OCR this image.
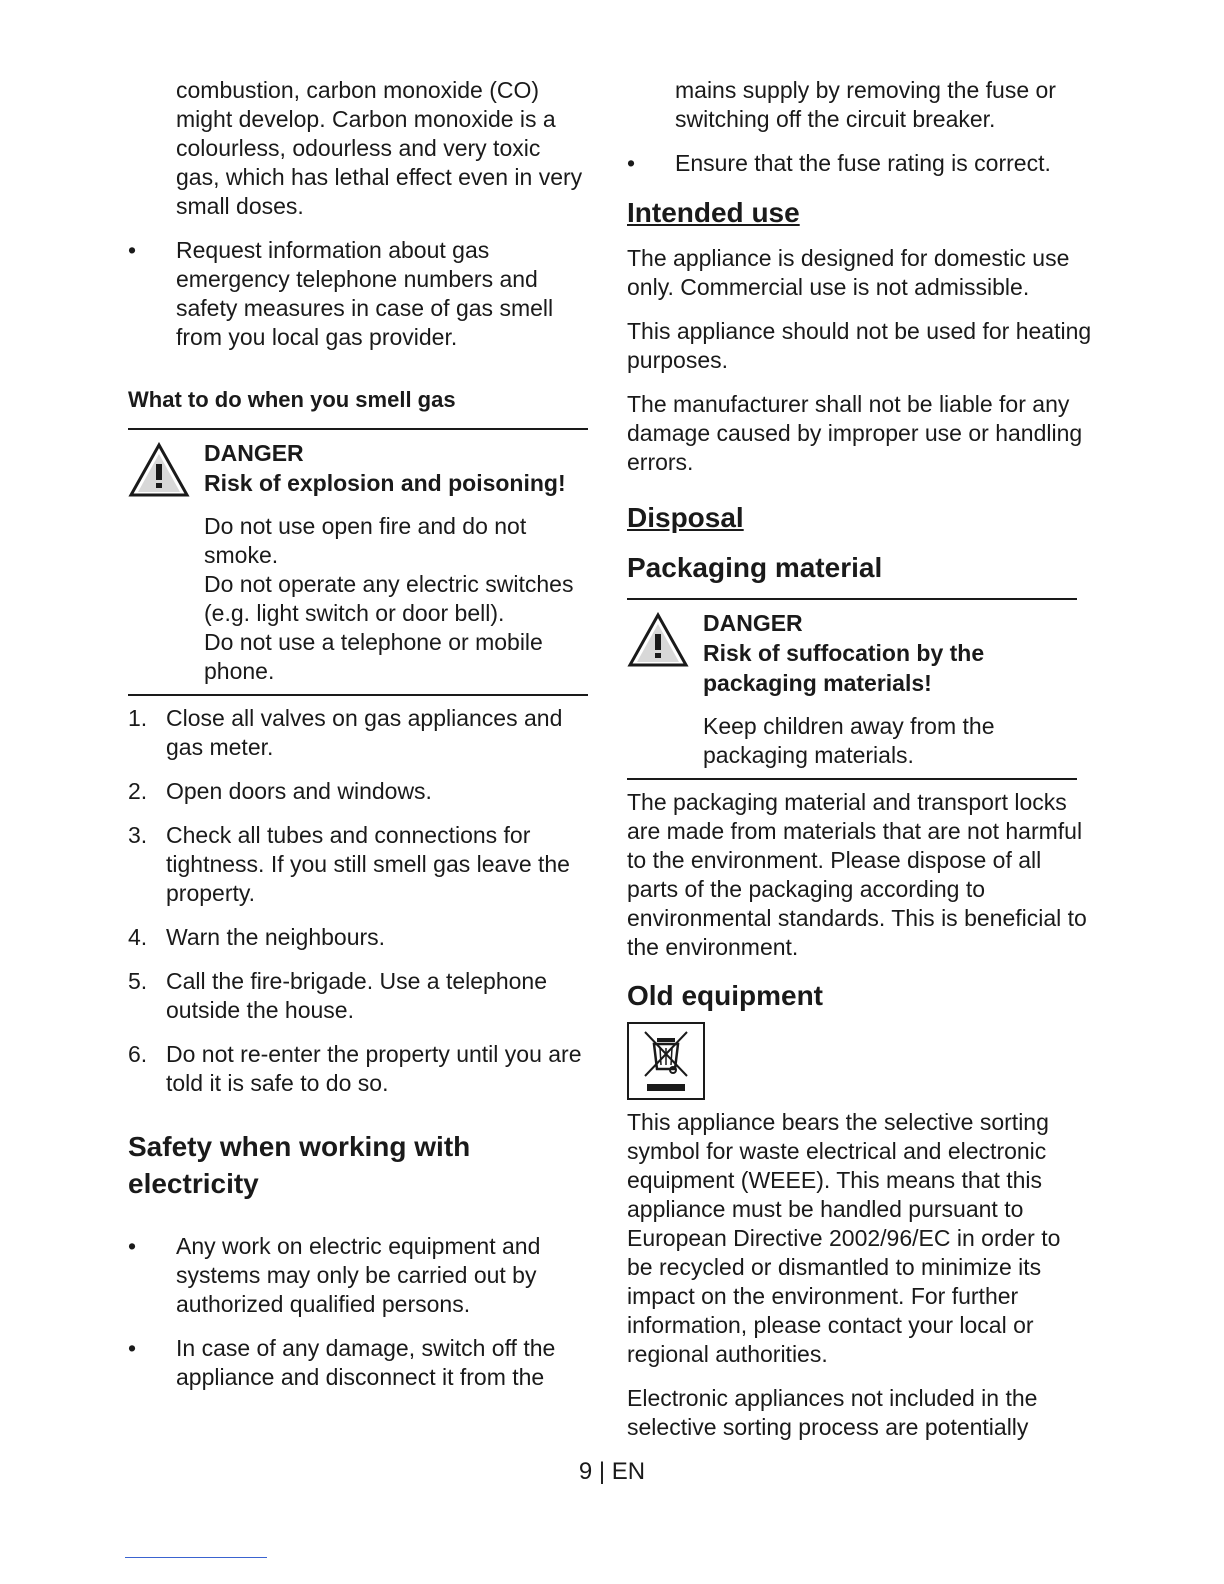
combustion, carbon monoxide (CO) might develop. Carbon monoxide is a colourless, odourless and very toxic gas, which has lethal effect even in very small doses.

• Request information about gas emergency telephone numbers and safety measures in case of gas smell from you local gas provider.

What to do when you smell gas
DANGER
Risk of explosion and poisoning!

Do not use open fire and do not smoke.

Do not operate any electric switches (e.g. light switch or door bell).

Do not use a telephone or mobile phone.

1. Close all valves on gas appliances and gas meter.

2. Open doors and windows.

3. Check all tubes and connections for tightness. If you still smell gas leave the property.

4. Warn the neighbours.

5. Call the fire-brigade. Use a telephone outside the house.

6. Do not re-enter the property until you are told it is safe to do so.

Safety when working with electricity

• Any work on electric equipment and systems may only be carried out by authorized qualified persons.

• In case of any damage, switch off the appliance and disconnect it from the

mains supply by removing the fuse or switching off the circuit breaker.

• Ensure that the fuse rating is correct.

Intended use

The appliance is designed for domestic use only. Commercial use is not admissible.

This appliance should not be used for heating purposes.

The manufacturer shall not be liable for any damage caused by improper use or handling errors.

Disposal
Packaging material
DANGER
Risk of suffocation by the packaging materials!
Keep children away from the packaging materials.

The packaging material and transport locks are made from materials that are not harmful to the environment. Please dispose of all parts of the packaging according to environmental standards. This is beneficial to the environment.

Old equipment

This appliance bears the selective sorting symbol for waste electrical and electronic equipment (WEEE). This means that this appliance must be handled pursuant to European Directive 2002/96/EC in order to be recycled or dismantled to minimize its impact on the environment. For further information, please contact your local or regional authorities.

Electronic appliances not included in the selective sorting process are potentially

9 | EN
